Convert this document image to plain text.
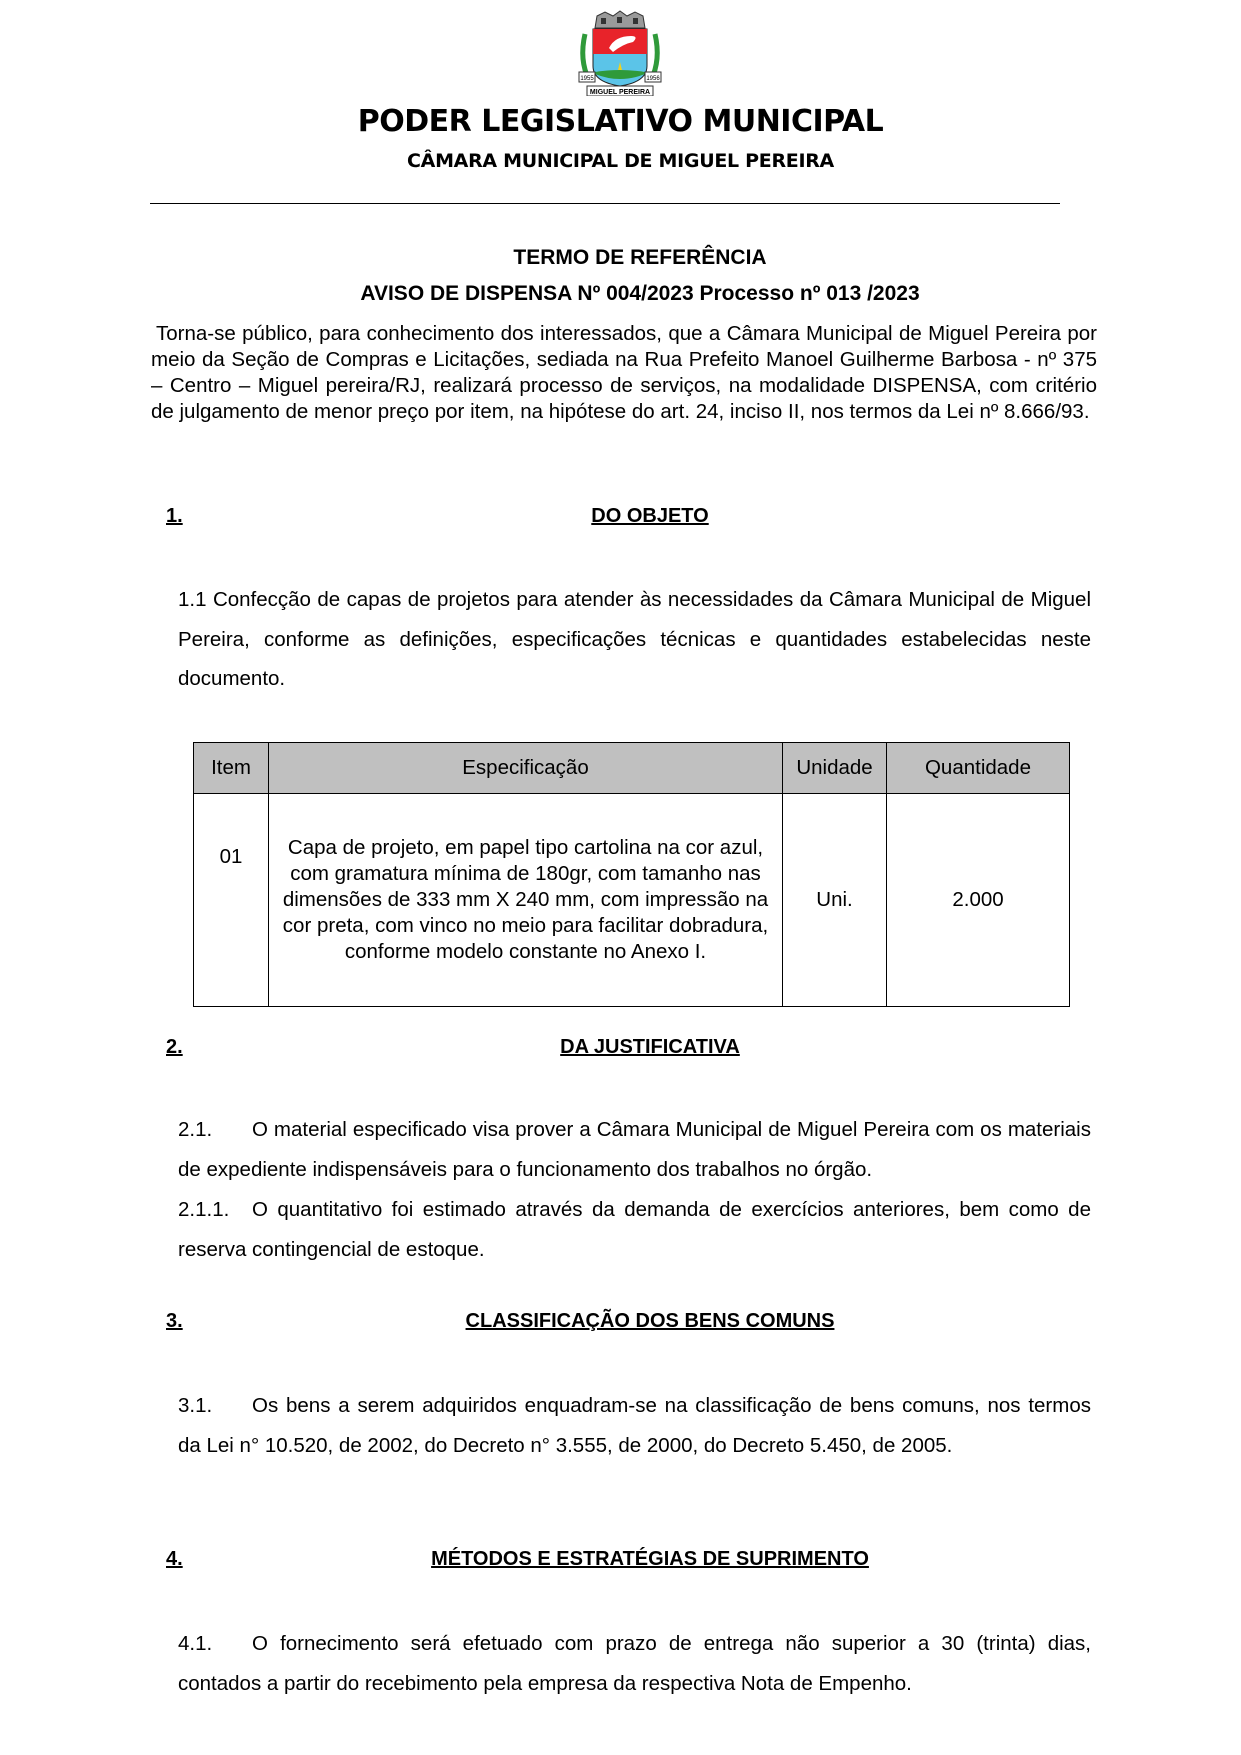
1955	1956
MIGUEL PEREIRA
PODER LEGISLATIVO MUNICIPAL
CÂMARA MUNICIPAL DE MIGUEL PEREIRA
TERMO DE REFERÊNCIA
AVISO DE DISPENSA Nº 004/2023 Processo nº 013 /2023
Torna-se público, para conhecimento dos interessados, que a Câmara Municipal de Miguel Pereira por meio da Seção de Compras e Licitações, sediada na Rua Prefeito Manoel Guilherme Barbosa - nº 375 – Centro – Miguel pereira/RJ, realizará processo de serviços, na modalidade DISPENSA, com critério de julgamento de menor preço por item, na hipótese do art. 24, inciso II, nos termos da Lei nº 8.666/93.
1.	DO OBJETO
1.1 Confecção de capas de projetos para atender às necessidades da Câmara Municipal de Miguel Pereira, conforme as definições, especificações técnicas e quantidades estabelecidas neste documento.
Item	Especificação	Unidade	Quantidade
01	Capa de projeto, em papel tipo cartolina na cor azul, com gramatura mínima de 180gr, com tamanho nas dimensões de 333 mm X 240 mm, com impressão na cor preta, com vinco no meio para facilitar dobradura, conforme modelo constante no Anexo I.	Uni.	2.000
2.	DA JUSTIFICATIVA
2.1. O material especificado visa prover a Câmara Municipal de Miguel Pereira com os materiais de expediente indispensáveis para o funcionamento dos trabalhos no órgão.
2.1.1. O quantitativo foi estimado através da demanda de exercícios anteriores, bem como de reserva contingencial de estoque.
3.	CLASSIFICAÇÃO DOS BENS COMUNS
3.1. Os bens a serem adquiridos enquadram-se na classificação de bens comuns, nos termos da Lei n° 10.520, de 2002, do Decreto n° 3.555, de 2000, do Decreto 5.450, de 2005.
4.	MÉTODOS E ESTRATÉGIAS DE SUPRIMENTO
4.1. O fornecimento será efetuado com prazo de entrega não superior a 30 (trinta) dias, contados a partir do recebimento pela empresa da respectiva Nota de Empenho.
